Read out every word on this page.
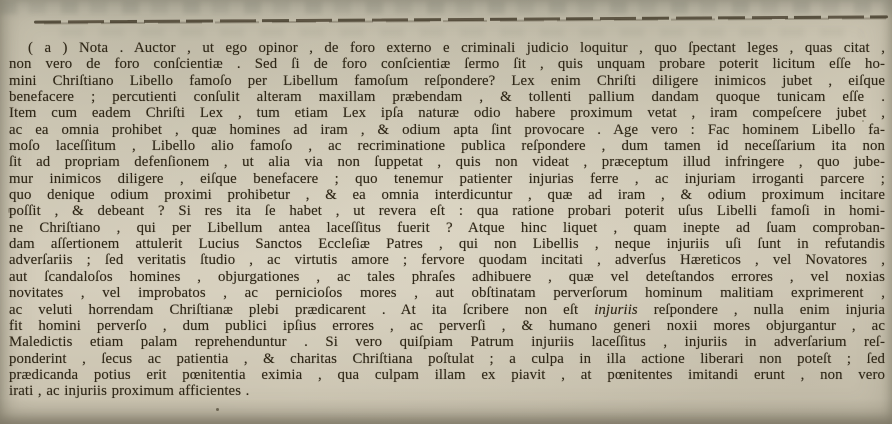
( a ) Nota . Auctor , ut ego opinor , de foro externo e criminali judicio loquitur , quo ſpectant leges , quas citat ,
non vero de foro conſcientiæ . Sed ſi de foro conſcientiæ ſermo ſit , quis unquam probare poterit licitum eſſe ho-
mini Chriſtiano Libello famoſo per Libellum famoſum reſpondere? Lex enim Chriſti diligere inimicos jubet , eiſque
benefacere ; percutienti conſulit alteram maxillam præbendam , & tollenti pallium dandam quoque tunicam eſſe .
Item cum eadem Chriſti Lex , tum etiam Lex ipſa naturæ odio habere proximum vetat , iram compeſcere jubet ,
ac ea omnia prohibet , quæ homines ad iram , & odium apta ſint provocare . Age vero : Fac hominem Libello fa-
moſo laceſſitum , Libello alio famoſo , ac recriminatione publica reſpondere , dum tamen id neceſſarium ita non
ſit ad propriam defenſionem , ut alia via non ſuppetat , quis non videat , præceptum illud infringere , quo jube-
mur inimicos diligere , eiſque benefacere ; quo tenemur patienter injurias ferre , ac injuriam irroganti parcere ;
quo denique odium proximi prohibetur , & ea omnia interdicuntur , quæ ad iram , & odium proximum incitare
poſſit , & debeant ? Si res ita ſe habet , ut revera eſt : qua ratione probari poterit uſus Libelli famoſi in homi-
ne Chriſtiano , qui per Libellum antea laceſſitus fuerit ? Atque hinc liquet , quam inepte ad ſuam comproban-
dam aſſertionem attulerit Lucius Sanctos Eccleſiæ Patres , qui non Libellis , neque injuriis uſi ſunt in refutandis
adverſariis ; ſed veritatis ſtudio , ac virtutis amore ; fervore quodam incitati , adverſus Hæreticos , vel Novatores ,
aut ſcandaloſos homines , objurgationes , ac tales phraſes adhibuere , quæ vel deteſtandos errores , vel noxias
novitates , vel improbatos , ac pernicioſos mores , aut obſtinatam perverſorum hominum malitiam exprimerent ,
ac veluti horrendam Chriſtianæ plebi prædicarent . At ita ſcribere non eſt injuriis reſpondere , nulla enim injuria
fit homini perverſo , dum publici ipſius errores , ac perverſi , & humano generi noxii mores objurgantur , ac
Maledictis etiam palam reprehenduntur . Si vero quiſpiam Patrum injuriis laceſſitus , injuriis in adverſarium reſ-
ponderint , ſecus ac patientia , & charitas Chriſtiana poſtulat ; a culpa in illa actione liberari non poteſt ; ſed
prædicanda potius erit pœnitentia eximia , qua culpam illam ex piavit , at pœnitentes imitandi erunt , non vero
irati , ac injuriis proximum afficientes .
